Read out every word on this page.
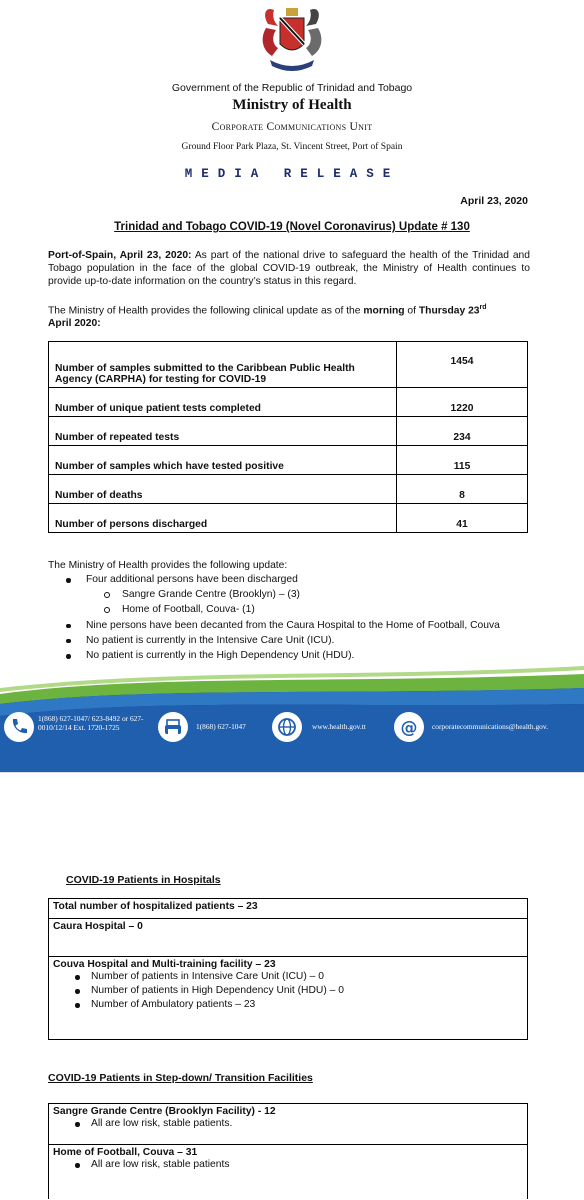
Government of the Republic of Trinidad and Tobago
Ministry of Health
Corporate Communications Unit
Ground Floor Park Plaza, St. Vincent Street, Port of Spain
MEDIA RELEASE
April 23, 2020
Trinidad and Tobago COVID-19 (Novel Coronavirus) Update # 130
Port-of-Spain, April 23, 2020: As part of the national drive to safeguard the health of the Trinidad and Tobago population in the face of the global COVID-19 outbreak, the Ministry of Health continues to provide up-to-date information on the country’s status in this regard.
The Ministry of Health provides the following clinical update as of the morning of Thursday 23rd
April 2020:
Number of samples submitted to the Caribbean Public Health Agency (CARPHA) for testing for COVID-19	1454
Number of unique patient tests completed	1220
Number of repeated tests	234
Number of samples which have tested positive	115
Number of deaths	8
Number of persons discharged	41
The Ministry of Health provides the following update:
Four additional persons have been discharged
Sangre Grande Centre (Brooklyn) – (3)
Home of Football, Couva- (1)
Nine persons have been decanted from the Caura Hospital to the Home of Football, Couva
No patient is currently in the Intensive Care Unit (ICU).
No patient is currently in the High Dependency Unit (HDU).
1(868) 627-1047/ 623-8492 or 627-0010/12/14 Ext. 1720-1725	1(868) 627-1047	www.health.gov.tt	@ corporatecommunications@health.gov.
COVID-19 Patients in Hospitals
Total number of hospitalized patients – 23
Caura Hospital – 0
Couva Hospital and Multi-training facility – 23
Number of patients in Intensive Care Unit (ICU) – 0
Number of patients in High Dependency Unit (HDU) – 0
Number of Ambulatory patients – 23
COVID-19 Patients in Step-down/ Transition Facilities
Sangre Grande Centre (Brooklyn Facility) - 12
All are low risk, stable patients.
Home of Football, Couva – 31
All are low risk, stable patients
